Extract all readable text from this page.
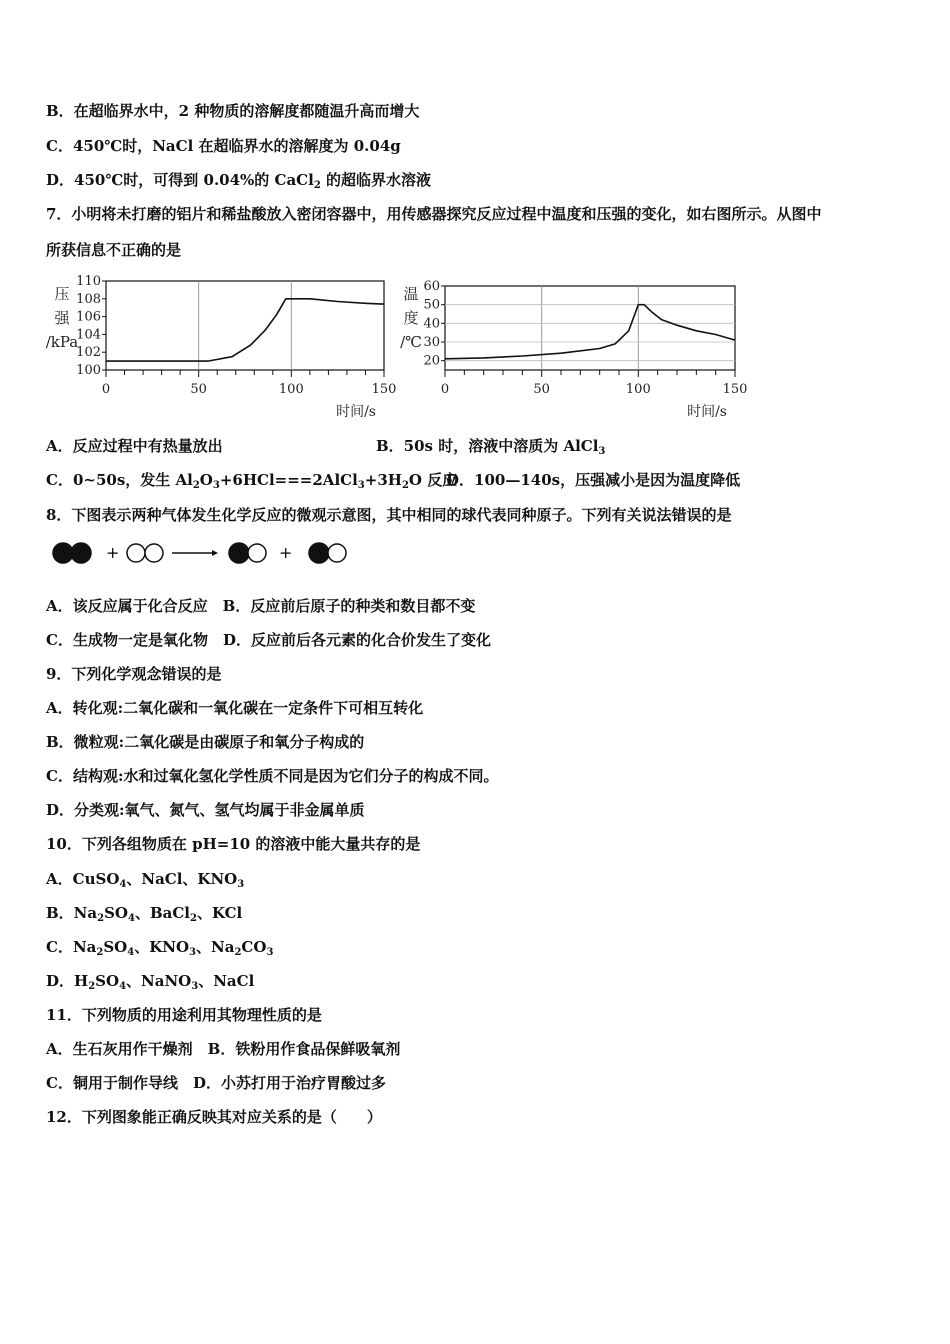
B．在超临界水中，2 种物质的溶解度都随温升高而增大
C．450℃时，NaCl 在超临界水的溶解度为 0.04g
D．450℃时，可得到 0.04%的 CaCl$_2$ 的超临界水溶液
7．小明将未打磨的铝片和稀盐酸放入密闭容器中，用传感器探究反应过程中温度和压强的变化，如右图所示。从图中
所获信息不正确的是
100
102
104
106
108
110
0	50	100	150
时间/s
压
强
/kPa
20
30
40
50
60
0	50	100	150
时间/s
温
度
/℃
A．反应过程中有热量放出	B．50s 时，溶液中溶质为 AlCl$_3$
C．0~50s，发生 $Al_2O_3+6HCl===2AlCl_3+3H_2O$ 反应
D．100—140s，压强减小是因为温度降低
8．下图表示两种气体发生化学反应的微观示意图，其中相同的球代表同种原子。下列有关说法错误的是
+	+
A．该反应属于化合反应　B．反应前后原子的种类和数目都不变
C．生成物一定是氧化物　D．反应前后各元素的化合价发生了变化
9．下列化学观念错误的是
A．转化观:二氧化碳和一氧化碳在一定条件下可相互转化
B．微粒观:二氧化碳是由碳原子和氧分子构成的
C．结构观:水和过氧化氢化学性质不同是因为它们分子的构成不同。
D．分类观:氧气、氮气、氢气均属于非金属单质
10．下列各组物质在 pH=10 的溶液中能大量共存的是
A．CuSO$_4$、NaCl、$KNO_3$
B．$Na_2SO_4$、BaCl$_2$、KCl
C．$Na_2SO_4$、$KNO_3$、$Na_2CO_3$
D．$H_2SO_4$、NaNO$_3$、NaCl
11．下列物质的用途利用其物理性质的是
A．生石灰用作干燥剂　B．铁粉用作食品保鲜吸氧剂
C．铜用于制作导线　D．小苏打用于治疗胃酸过多
12．下列图象能正确反映其对应关系的是（　　）
